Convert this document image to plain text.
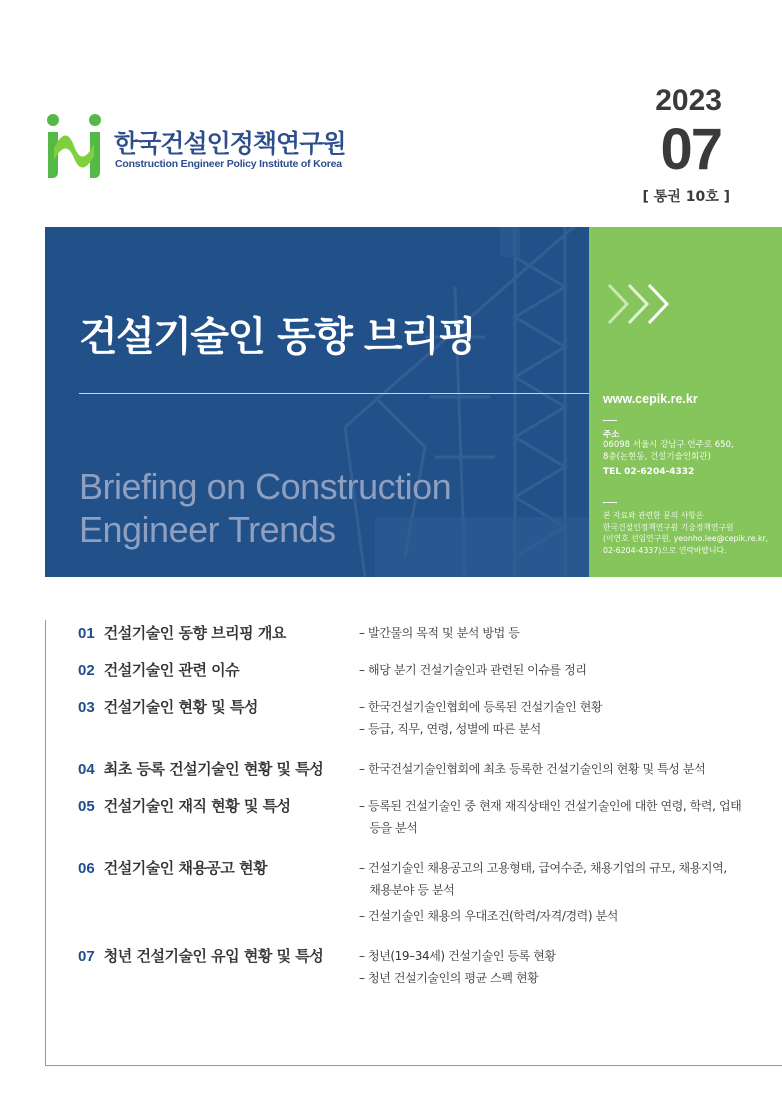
한국건설인정책연구원
Construction Engineer Policy Institute of Korea
2023
07
[ 통권 10호 ]
건설기술인 동향 브리핑
Briefing on Construction
Engineer Trends
www.cepik.re.kr
주소
06098 서울시 강남구 언주로 650,
8층(논현동, 건설기술인회관)
TEL 02-6204-4332
본 자료와 관련한 문의 사항은
한국건설인정책연구원 기술정책연구원
(이연호 선임연구원, yeonho.lee@cepik.re.kr,
02-6204-4337)으로 연락바랍니다.
01 건설기술인 동향 브리핑 개요	– 발간물의 목적 및 분석 방법 등
02 건설기술인 관련 이슈	– 해당 분기 건설기술인과 관련된 이슈를 정리
03 건설기술인 현황 및 특성	– 한국건설기술인협회에 등록된 건설기술인 현황
– 등급, 직무, 연령, 성별에 따른 분석
04 최초 등록 건설기술인 현황 및 특성	– 한국건설기술인협회에 최초 등록한 건설기술인의 현황 및 특성 분석
05 건설기술인 재직 현황 및 특성	– 등록된 건설기술인 중 현재 재직상태인 건설기술인에 대한 연령, 학력, 업태
등을 분석
06 건설기술인 채용공고 현황	– 건설기술인 채용공고의 고용형태, 급여수준, 채용기업의 규모, 채용지역,
채용분야 등 분석
– 건설기술인 채용의 우대조건(학력/자격/경력) 분석
07 청년 건설기술인 유입 현황 및 특성	– 청년(19–34세) 건설기술인 등록 현황
– 청년 건설기술인의 평균 스펙 현황
